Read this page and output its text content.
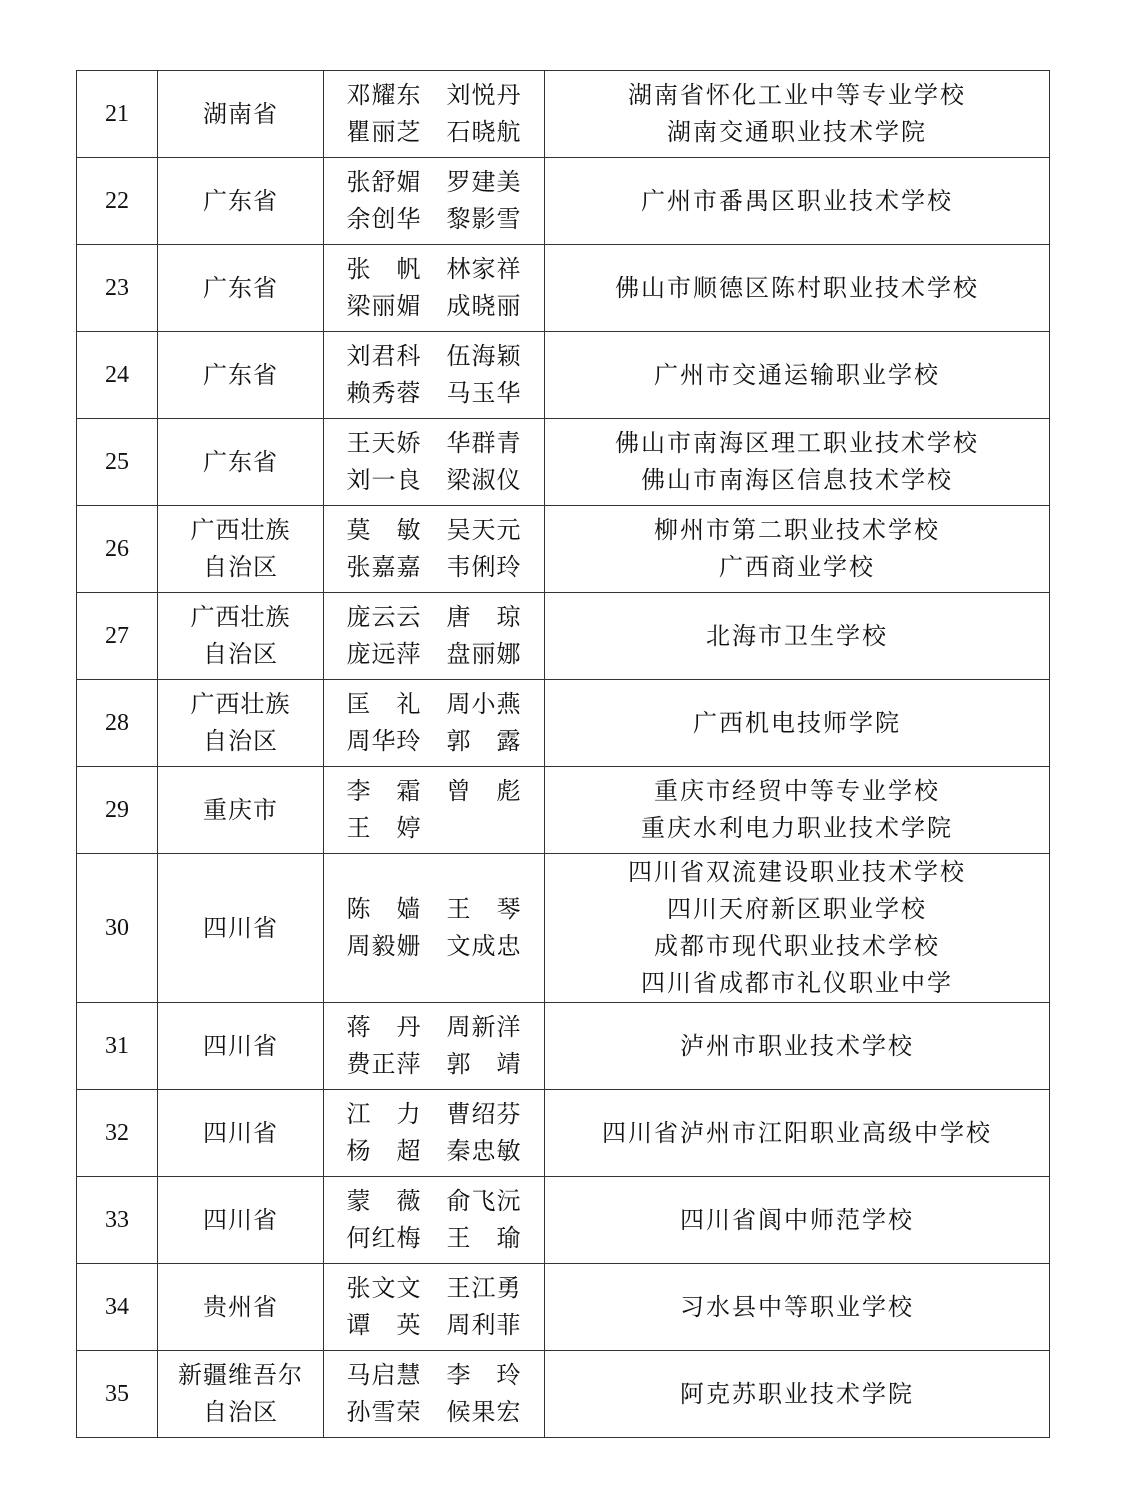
21	湖南省	邓耀东　刘悦丹
瞿丽芝　石晓航	湖南省怀化工业中等专业学校
湖南交通职业技术学院

22	广东省	张舒媚　罗建美
余创华　黎影雪	广州市番禺区职业技术学校

23	广东省	张　帆　林家祥
梁丽媚　成晓丽	佛山市顺德区陈村职业技术学校

24	广东省	刘君科　伍海颖
赖秀蓉　马玉华	广州市交通运输职业学校

25	广东省	王天娇　华群青
刘一良　梁淑仪	佛山市南海区理工职业技术学校
佛山市南海区信息技术学校

26	广西壮族
自治区	莫　敏　吴天元
张嘉嘉　韦俐玲	柳州市第二职业技术学校
广西商业学校

27	广西壮族
自治区	庞云云　唐　琼
庞远萍　盘丽娜	北海市卫生学校

28	广西壮族
自治区	匡　礼　周小燕
周华玲　郭　露	广西机电技师学院

29	重庆市	李　霜　曾　彪
王　婷　　　　	重庆市经贸中等专业学校
重庆水利电力职业技术学院

30	四川省	陈　嫱　王　琴
周毅姗　文成忠	四川省双流建设职业技术学校
四川天府新区职业学校
成都市现代职业技术学校
四川省成都市礼仪职业中学

31	四川省	蒋　丹　周新洋
费正萍　郭　靖	泸州市职业技术学校

32	四川省	江　力　曹绍芬
杨　超　秦忠敏	四川省泸州市江阳职业高级中学校

33	四川省	蒙　薇　俞飞沅
何红梅　王　瑜	四川省阆中师范学校

34	贵州省	张文文　王江勇
谭　英　周利菲	习水县中等职业学校

35	新疆维吾尔
自治区	马启慧　李　玲
孙雪荣　候果宏	阿克苏职业技术学院
